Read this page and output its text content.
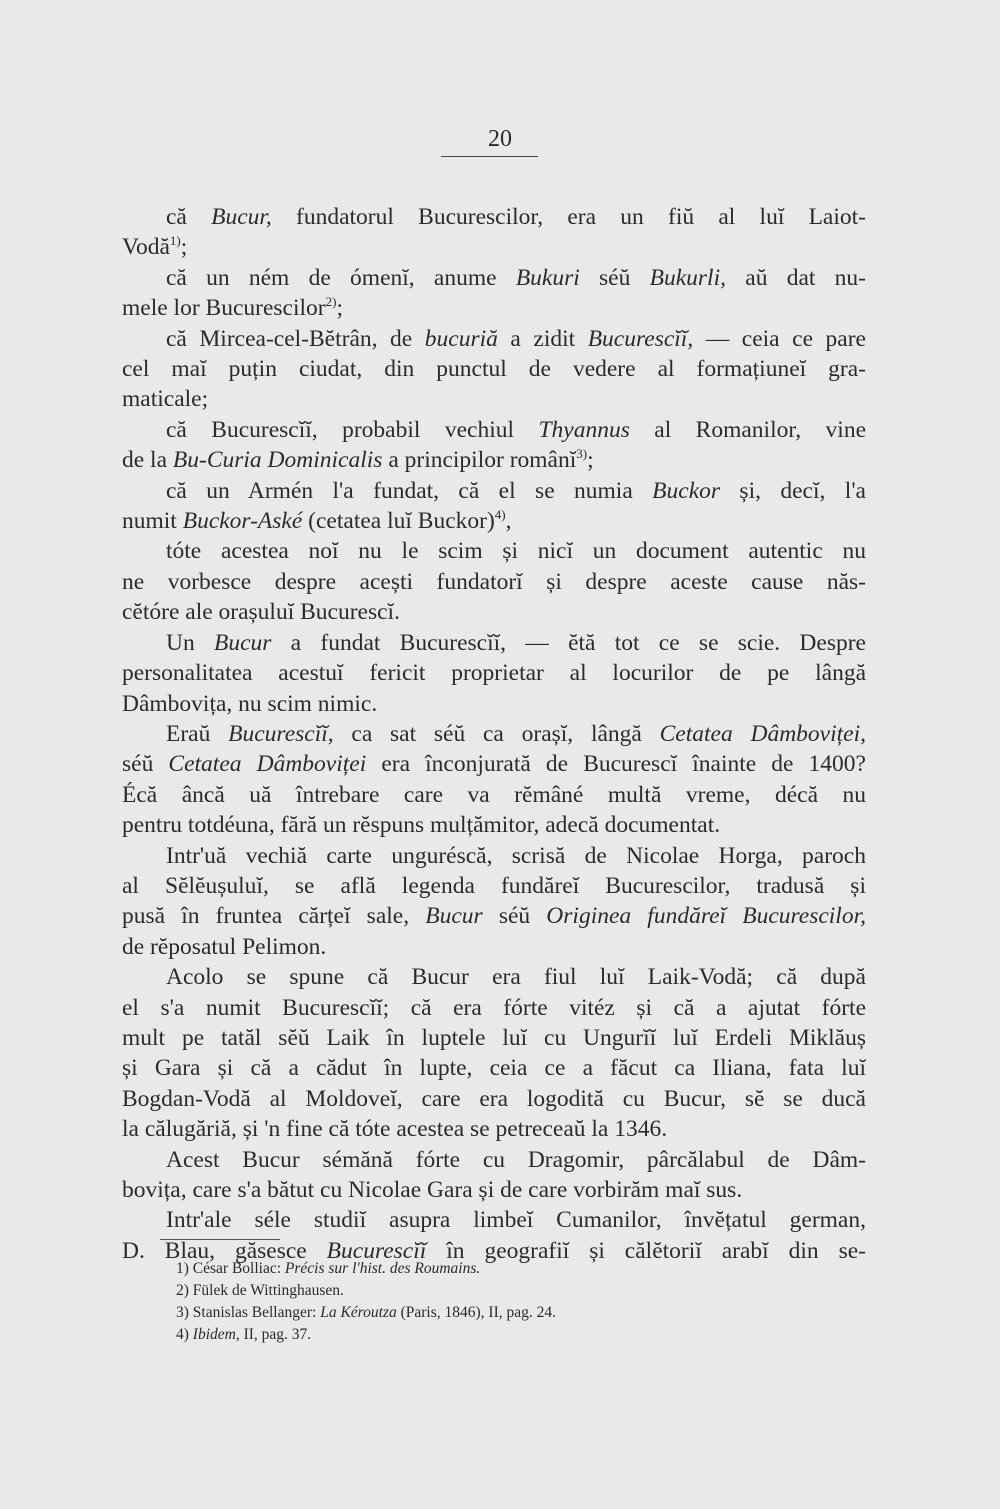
20
că Bucur, fundatorul Bucurescilor, era un fiŭ al luĭ Laiot-
Vodă$^{1)}$;
că un ném de ómenĭ, anume Bukuri séŭ Bukurli, aŭ dat nu-
mele lor Bucurescilor$^{2)}$;
că Mircea-cel-Bĕtrân, de bucuriă a zidit Bucurescĭĭ, — ceia ce pare
cel maĭ puțin ciudat, din punctul de vedere al formațiuneĭ gra-
maticale;
că Bucurescĭĭ, probabil vechiul Thyannus al Romanilor, vine
de la Bu-Curia Dominicalis a principilor românĭ$^{3)}$;
că un Armén l'a fundat, că el se numia Buckor și, decĭ, l'a
numit Buckor-Aské (cetatea luĭ Buckor)$^{4)}$,
tóte acestea noĭ nu le scim și nicĭ un document autentic nu
ne vorbesce despre acești fundatorĭ și despre aceste cause năs-
cĕtóre ale orașuluĭ Bucurescĭ.
Un Bucur a fundat Bucurescĭĭ, — ĕtă tot ce se scie. Despre
personalitatea acestuĭ fericit proprietar al locurilor de pe lângă
Dâmbovița, nu scim nimic.
Eraŭ Bucurescĭĭ, ca sat séŭ ca orașĭ, lângă Cetatea Dâmboviței,
séŭ Cetatea Dâmboviței era înconjurată de Bucurescĭ înainte de 1400?
Écă âncă uă întrebare care va rĕmâné multă vreme, décă nu
pentru totdéuna, fără un rĕspuns mulțămitor, adecă documentat.
Intr'uă vechiă carte unguréscă, scrisă de Nicolae Horga, paroch
al Sĕlĕușuluĭ, se află legenda fundăreĭ Bucurescilor, tradusă și
pusă în fruntea cărțeĭ sale, Bucur séŭ Originea fundăreĭ Bucurescilor,
de rĕposatul Pelimon.
Acolo se spune că Bucur era fiul luĭ Laik-Vodă; că după
el s'a numit Bucurescĭĭ; că era fórte vitéz și că a ajutat fórte
mult pe tatăl sĕŭ Laik în luptele luĭ cu Ungurĭĭ luĭ Erdeli Miklăuș
și Gara și că a cădut în lupte, ceia ce a făcut ca Iliana, fata luĭ
Bogdan-Vodă al Moldoveĭ, care era logodită cu Bucur, sĕ se ducă
la călugăriă, și 'n fine că tóte acestea se petreceaŭ la 1346.
Acest Bucur sémănă fórte cu Dragomir, pârcălabul de Dâm-
bovița, care s'a bătut cu Nicolae Gara și de care vorbirăm maĭ sus.
Intr'ale séle studiĭ asupra limbeĭ Cumanilor, învĕțatul german,
D. Blau, găsesce Bucurescĭĭ în geografiĭ și călĕtoriĭ arabĭ din se-
1) César Bolliac: Précis sur l'hist. des Roumains.
2) Fülek de Wittinghausen.
3) Stanislas Bellanger: La Kéroutza (Paris, 1846), II, pag. 24.
4) Ibidem, II, pag. 37.
